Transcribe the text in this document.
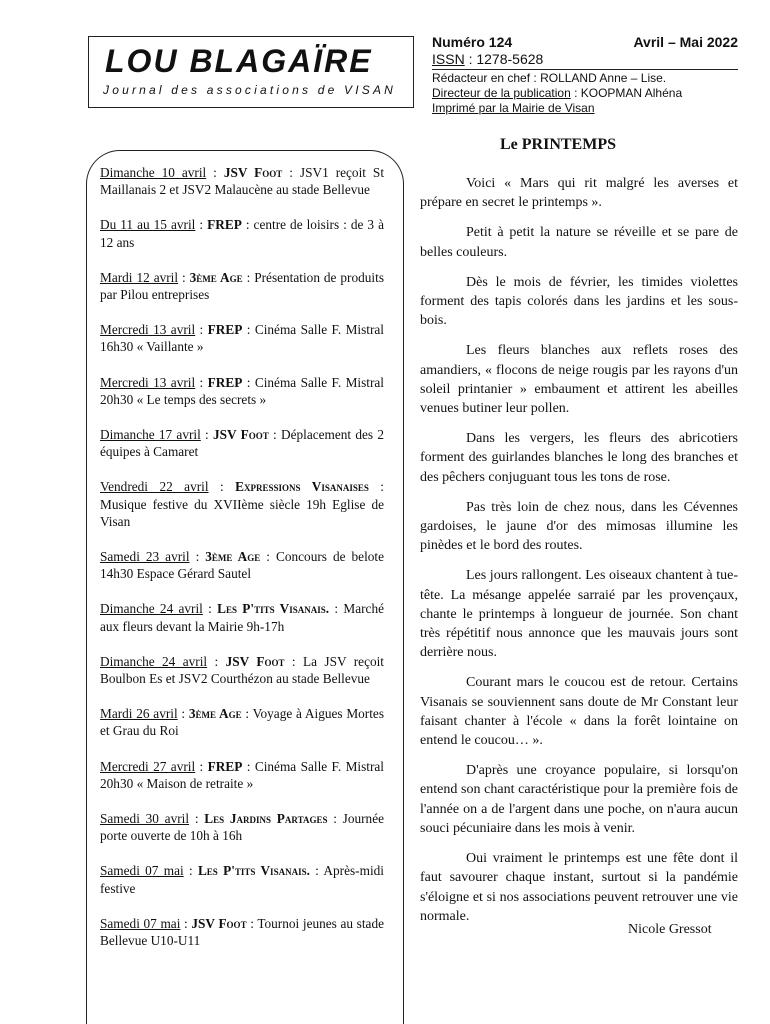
LOU BLAGAÏRE
Journal des associations de VISAN
Numéro 124	Avril – Mai 2022
ISSN : 1278-5628
Rédacteur en chef : ROLLAND Anne – Lise.
Directeur de la publication : KOOPMAN Alhéna
Imprimé par la Mairie de Visan
Dimanche 10 avril : JSV Foot : JSV1 reçoit St Maillanais 2 et JSV2 Malaucène au stade Bellevue
Du 11 au 15 avril : FREP : centre de loisirs : de 3 à 12 ans
Mardi 12 avril : 3ème Age : Présentation de produits par Pilou entreprises
Mercredi 13 avril : FREP : Cinéma Salle F. Mistral 16h30 « Vaillante »
Mercredi 13 avril : FREP : Cinéma Salle F. Mistral 20h30 « Le temps des secrets »
Dimanche 17 avril : JSV Foot : Déplacement des 2 équipes à Camaret
Vendredi 22 avril : Expressions Visanaises : Musique festive du XVIIème siècle 19h Eglise de Visan
Samedi 23 avril : 3ème Age : Concours de belote 14h30 Espace Gérard Sautel
Dimanche 24 avril : Les P'tits Visanais. : Marché aux fleurs devant la Mairie 9h-17h
Dimanche 24 avril : JSV Foot : La JSV reçoit Boulbon Es et JSV2 Courthézon au stade Bellevue
Mardi 26 avril : 3ème Age : Voyage à Aigues Mortes et Grau du Roi
Mercredi 27 avril : FREP : Cinéma Salle F. Mistral 20h30 « Maison de retraite »
Samedi 30 avril : Les Jardins Partages : Journée porte ouverte de 10h à 16h
Samedi 07 mai : Les P'tits Visanais. : Après-midi festive
Samedi 07 mai : JSV Foot : Tournoi jeunes au stade Bellevue U10-U11
Le PRINTEMPS

Voici « Mars qui rit malgré les averses et prépare en secret le printemps ».

Petit à petit la nature se réveille et se pare de belles couleurs.

Dès le mois de février, les timides violettes forment des tapis colorés dans les jardins et les sous-bois.

Les fleurs blanches aux reflets roses des amandiers, « flocons de neige rougis par les rayons d'un soleil printanier » embaument et attirent les abeilles venues butiner leur pollen.

Dans les vergers, les fleurs des abricotiers forment des guirlandes blanches le long des branches et des pêchers conjuguant tous les tons de rose.

Pas très loin de chez nous, dans les Cévennes gardoises, le jaune d'or des mimosas illumine les pinèdes et le bord des routes.

Les jours rallongent. Les oiseaux chantent à tue-tête. La mésange appelée sarraié par les provençaux, chante le printemps à longueur de journée. Son chant très répétitif nous annonce que les mauvais jours sont derrière nous.

Courant mars le coucou est de retour. Certains Visanais se souviennent sans doute de Mr Constant leur faisant chanter à l'école « dans la forêt lointaine on entend le coucou… ».

D'après une croyance populaire, si lorsqu'on entend son chant caractéristique pour la première fois de l'année on a de l'argent dans une poche, on n'aura aucun souci pécuniaire dans les mois à venir.

Oui vraiment le printemps est une fête dont il faut savourer chaque instant, surtout si la pandémie s'éloigne et si nos associations peuvent retrouver une vie normale.

Nicole Gressot
